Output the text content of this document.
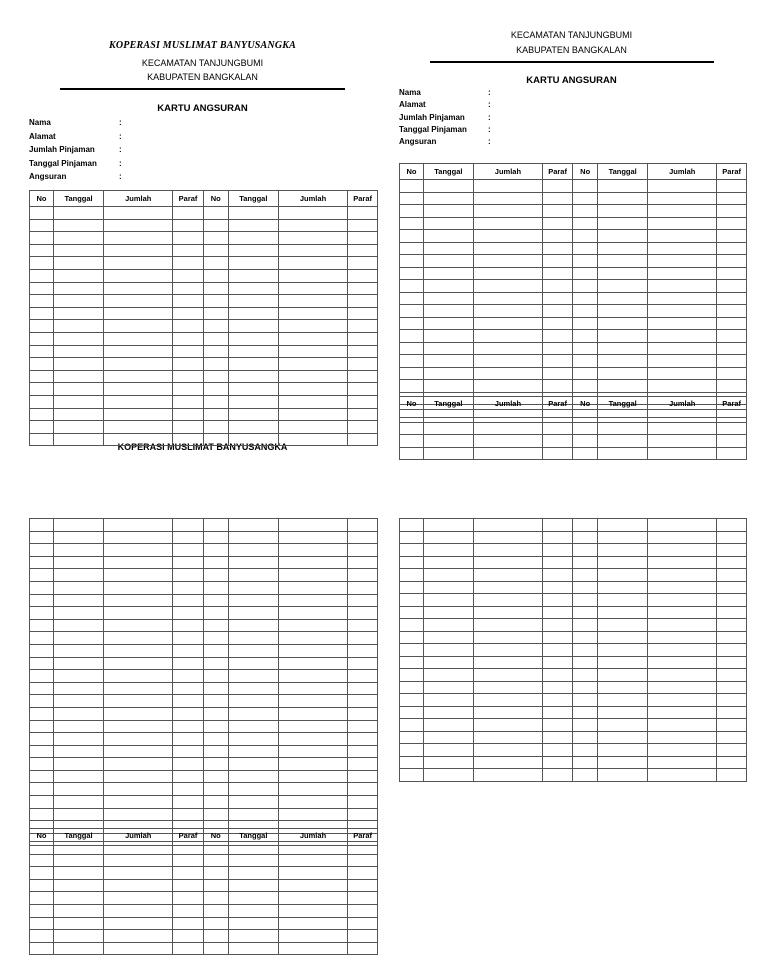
KOPERASI MUSLIMAT BANYUSANGKA
KECAMATAN TANJUNGBUMI
KABUPATEN BANGKALAN
KARTU ANGSURAN
Nama	:
Alamat	:
Jumlah Pinjaman	:
Tanggal Pinjaman	:
Angsuran	:
KOPERASI MUSLIMAT BANYUSANGKA
KECAMATAN TANJUNGBUMI
KABUPATEN BANGKALAN
KARTU ANGSURAN
Nama	:
Alamat	:
Jumlah Pinjaman	:
Tanggal Pinjaman	:
Angsuran	:
No	Tanggal	Jumlah	Paraf	No	Tanggal	Jumlah	Paraf

No	Tanggal	Jumlah	Paraf	No	Tanggal	Jumlah	Paraf

No	Tanggal	Jumlah	Paraf	No	Tanggal	Jumlah	Paraf

No	Tanggal	Jumlah	Paraf	No	Tanggal	Jumlah	Paraf
